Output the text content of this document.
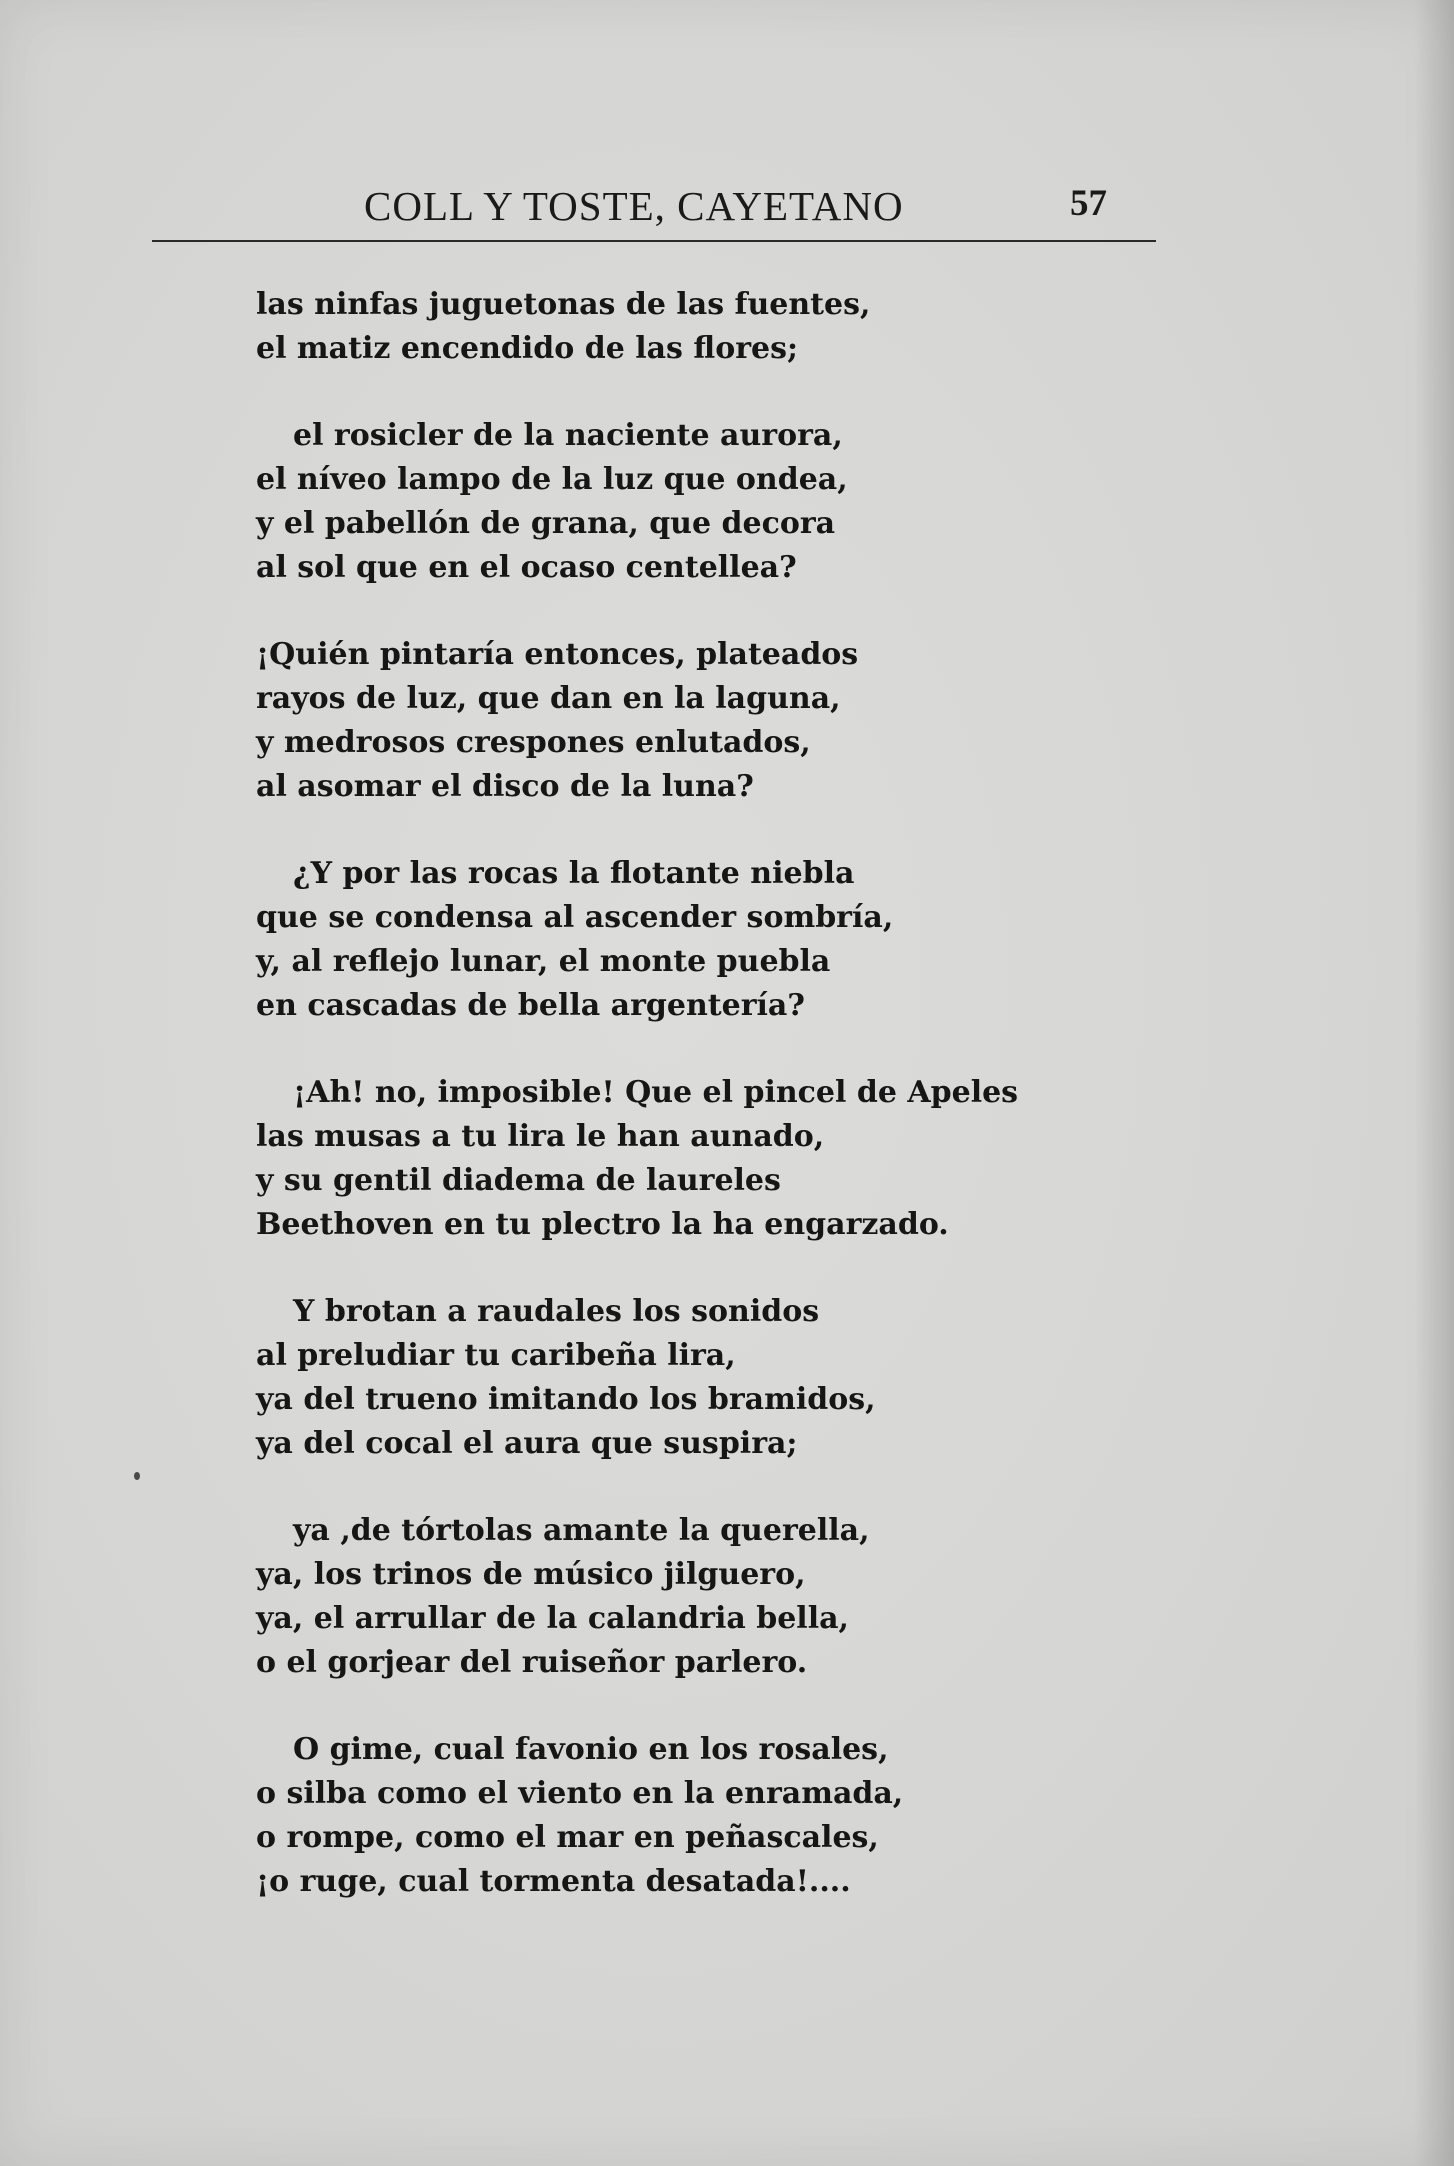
COLL Y TOSTE, CAYETANO	57
las ninfas juguetonas de las fuentes,
el matiz encendido de las flores;
el rosicler de la naciente aurora,
el níveo lampo de la luz que ondea,
y el pabellón de grana, que decora
al sol que en el ocaso centellea?
¡Quién pintaría entonces, plateados
rayos de luz, que dan en la laguna,
y medrosos crespones enlutados,
al asomar el disco de la luna?
¿Y por las rocas la flotante niebla
que se condensa al ascender sombría,
y, al reflejo lunar, el monte puebla
en cascadas de bella argentería?
¡Ah! no, imposible! Que el pincel de Apeles
las musas a tu lira le han aunado,
y su gentil diadema de laureles
Beethoven en tu plectro la ha engarzado.
Y brotan a raudales los sonidos
al preludiar tu caribeña lira,
ya del trueno imitando los bramidos,
ya del cocal el aura que suspira;
ya ,de tórtolas amante la querella,
ya, los trinos de músico jilguero,
ya, el arrullar de la calandria bella,
o el gorjear del ruiseñor parlero.
O gime, cual favonio en los rosales,
o silba como el viento en la enramada,
o rompe, como el mar en peñascales,
¡o ruge, cual tormenta desatada!....
